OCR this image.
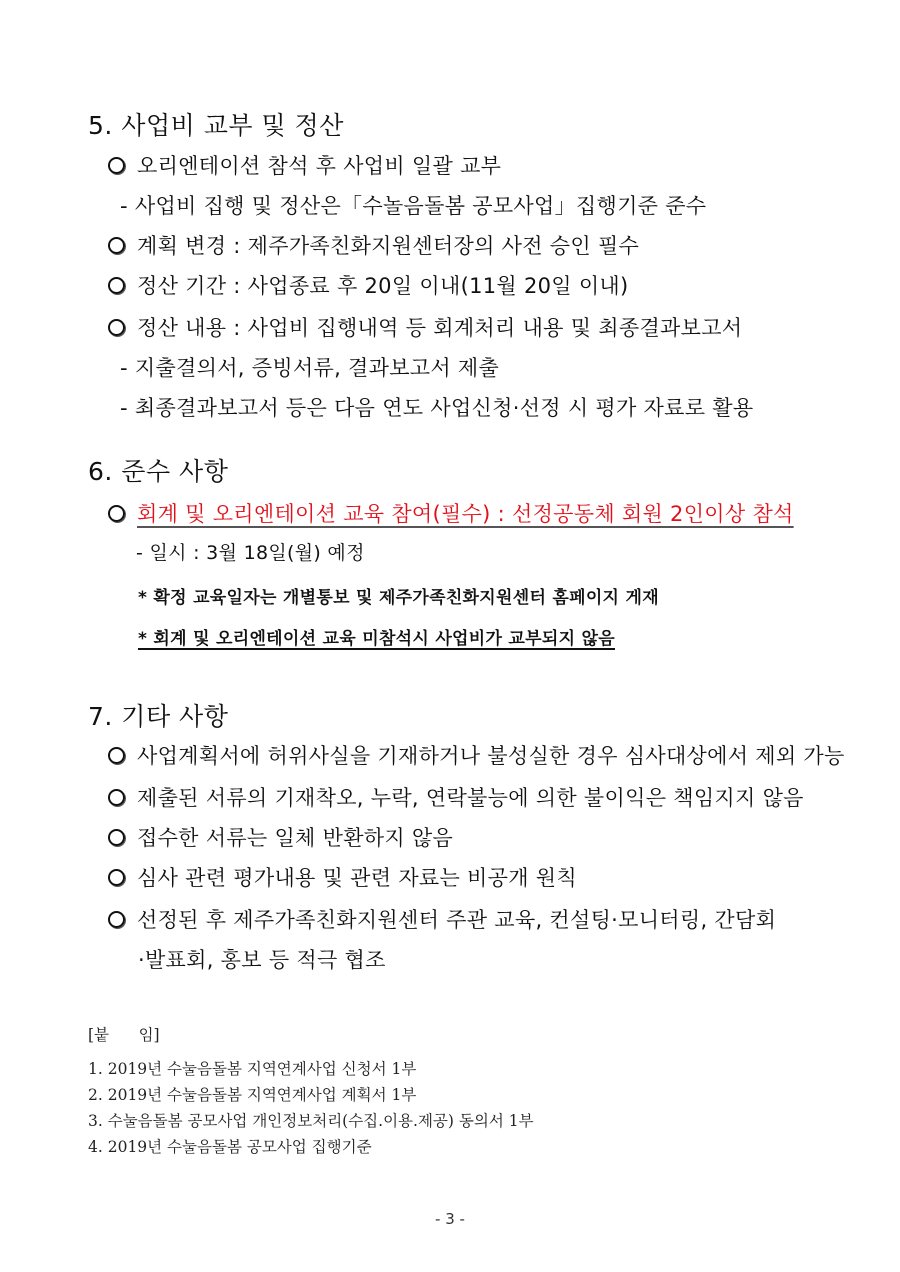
5. 사업비 교부 및 정산
오리엔테이션 참석 후 사업비 일괄 교부
- 사업비 집행 및 정산은「수놀음돌봄 공모사업」집행기준 준수
계획 변경 : 제주가족친화지원센터장의 사전 승인 필수
정산 기간 : 사업종료 후 20일 이내(11월 20일 이내)
정산 내용 : 사업비 집행내역 등 회계처리 내용 및 최종결과보고서
- 지출결의서, 증빙서류, 결과보고서 제출
- 최종결과보고서 등은 다음 연도 사업신청·선정 시 평가 자료로 활용
6. 준수 사항
회계 및 오리엔테이션 교육 참여(필수) : 선정공동체 회원 2인이상 참석
- 일시 : 3월 18일(월) 예정
* 확정 교육일자는 개별통보 및 제주가족친화지원센터 홈페이지 게재
* 회계 및 오리엔테이션 교육 미참석시 사업비가 교부되지 않음
7. 기타 사항
사업계획서에 허위사실을 기재하거나 불성실한 경우 심사대상에서 제외 가능
제출된 서류의 기재착오, 누락, 연락불능에 의한 불이익은 책임지지 않음
접수한 서류는 일체 반환하지 않음
심사 관련 평가내용 및 관련 자료는 비공개 원칙
선정된 후 제주가족친화지원센터 주관 교육, 컨설팅·모니터링, 간담회
·발표회, 홍보 등 적극 협조
[붙      임]
1. 2019년 수눌음돌봄 지역연계사업 신청서 1부
2. 2019년 수눌음돌봄 지역연계사업 계획서 1부
3. 수눌음돌봄 공모사업 개인정보처리(수집.이용.제공) 동의서 1부
4. 2019년 수눌음돌봄 공모사업 집행기준
- 3 -
